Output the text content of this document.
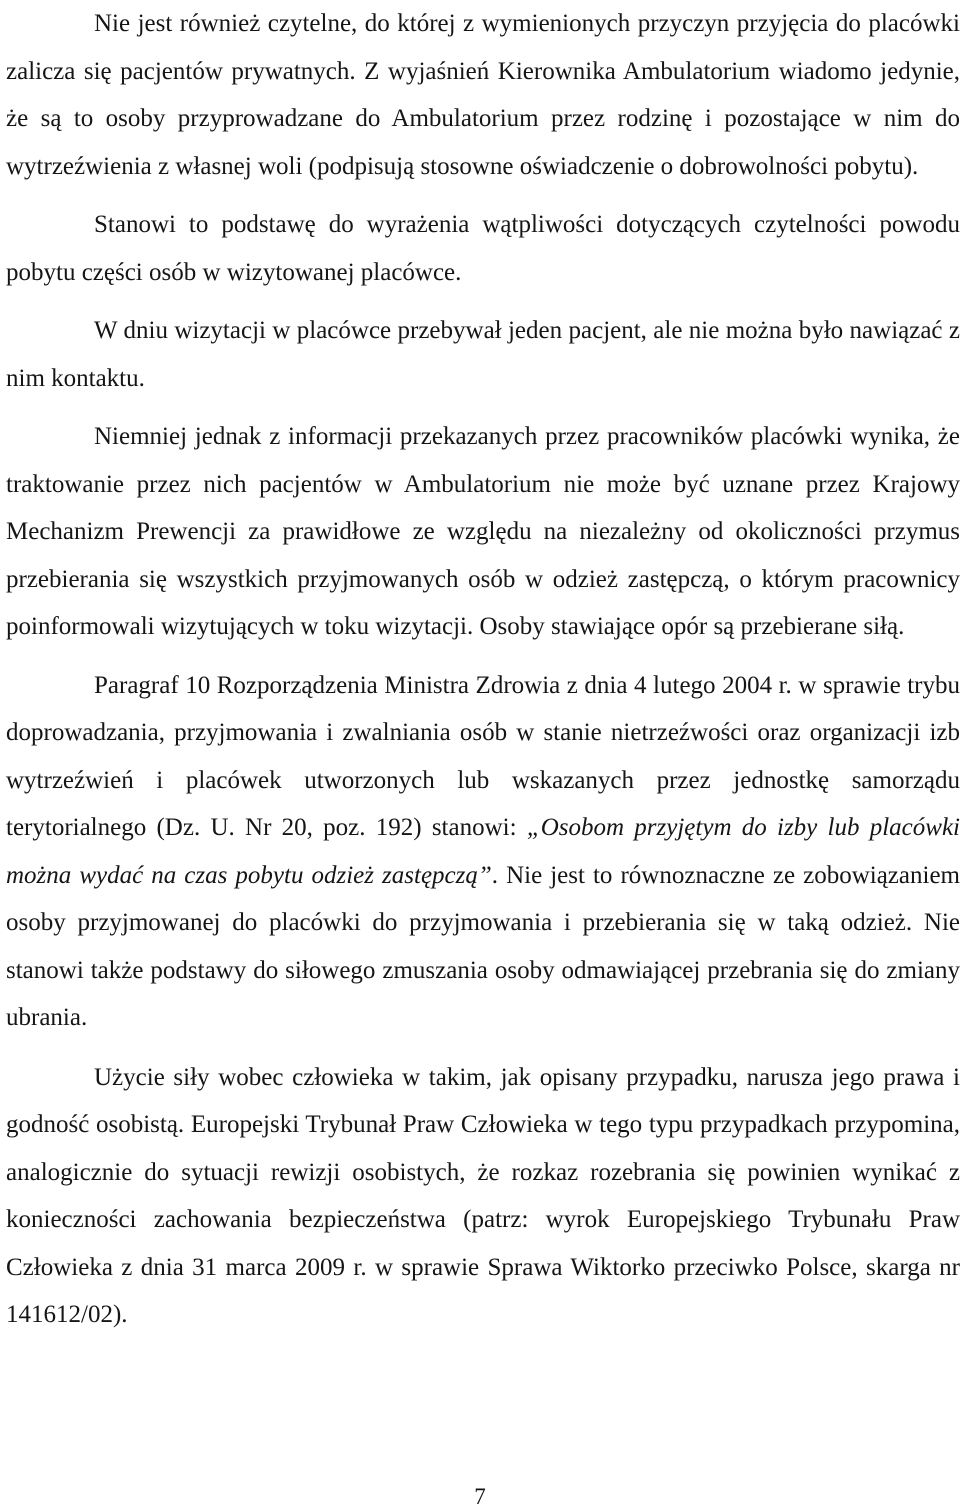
Nie jest również czytelne, do której z wymienionych przyczyn przyjęcia do placówki zalicza się pacjentów prywatnych. Z wyjaśnień Kierownika Ambulatorium wiadomo jedynie, że są to osoby przyprowadzane do Ambulatorium przez rodzinę i pozostające w nim do wytrzeźwienia z własnej woli (podpisują stosowne oświadczenie o dobrowolności pobytu).

Stanowi to podstawę do wyrażenia wątpliwości dotyczących czytelności powodu pobytu części osób w wizytowanej placówce.

W dniu wizytacji w placówce przebywał jeden pacjent, ale nie można było nawiązać z nim kontaktu.

Niemniej jednak z informacji przekazanych przez pracowników placówki wynika, że traktowanie przez nich pacjentów w Ambulatorium nie może być uznane przez Krajowy Mechanizm Prewencji za prawidłowe ze względu na niezależny od okoliczności przymus przebierania się wszystkich przyjmowanych osób w odzież zastępczą, o którym pracownicy poinformowali wizytujących w toku wizytacji. Osoby stawiające opór są przebierane siłą.

Paragraf 10 Rozporządzenia Ministra Zdrowia z dnia 4 lutego 2004 r. w sprawie trybu doprowadzania, przyjmowania i zwalniania osób w stanie nietrzeźwości oraz organizacji izb wytrzeźwień i placówek utworzonych lub wskazanych przez jednostkę samorządu terytorialnego (Dz. U. Nr 20, poz. 192) stanowi: „Osobom przyjętym do izby lub placówki można wydać na czas pobytu odzież zastępczą”. Nie jest to równoznaczne ze zobowiązaniem osoby przyjmowanej do placówki do przyjmowania i przebierania się w taką odzież. Nie stanowi także podstawy do siłowego zmuszania osoby odmawiającej przebrania się do zmiany ubrania.

Użycie siły wobec człowieka w takim, jak opisany przypadku, narusza jego prawa i godność osobistą. Europejski Trybunał Praw Człowieka w tego typu przypadkach przypomina, analogicznie do sytuacji rewizji osobistych, że rozkaz rozebrania się powinien wynikać z konieczności zachowania bezpieczeństwa (patrz: wyrok Europejskiego Trybunału Praw Człowieka z dnia 31 marca 2009 r. w sprawie Sprawa Wiktorko przeciwko Polsce, skarga nr 141612/02).

7
